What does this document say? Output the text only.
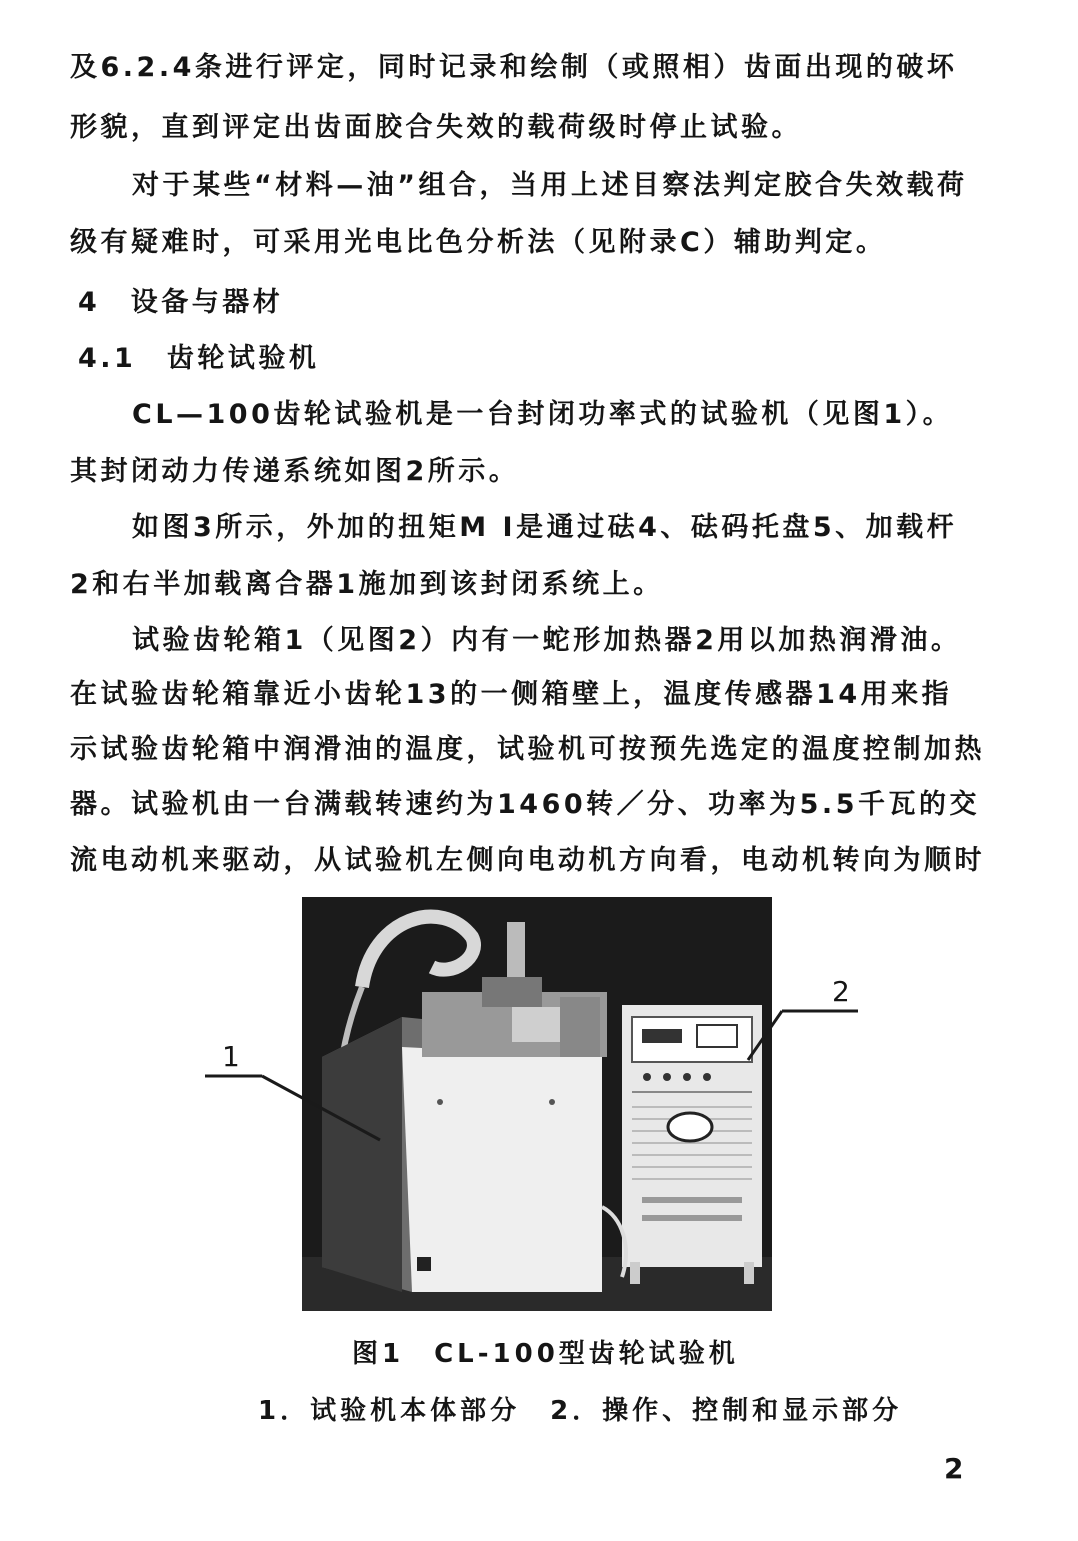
及6.2.4条进行评定，同时记录和绘制（或照相）齿面出现的破坏
形貌，直到评定出齿面胶合失效的载荷级时停止试验。
对于某些“材料—油”组合，当用上述目察法判定胶合失效载荷
级有疑难时，可采用光电比色分析法（见附录C）辅助判定。
4　设备与器材
4.1　齿轮试验机
CL—100齿轮试验机是一台封闭功率式的试验机（见图1）。
其封闭动力传递系统如图2所示。
如图3所示，外加的扭矩M I是通过砝4、砝码托盘5、加载杆
2和右半加载离合器1施加到该封闭系统上。
试验齿轮箱1（见图2）内有一蛇形加热器2用以加热润滑油。
在试验齿轮箱靠近小齿轮13的一侧箱壁上，温度传感器14用来指
示试验齿轮箱中润滑油的温度，试验机可按预先选定的温度控制加热
器。试验机由一台满载转速约为1460转／分、功率为5.5千瓦的交
流电动机来驱动，从试验机左侧向电动机方向看，电动机转向为顺时
1
2
图1　CL-100型齿轮试验机
1．试验机本体部分　2．操作、控制和显示部分
2
